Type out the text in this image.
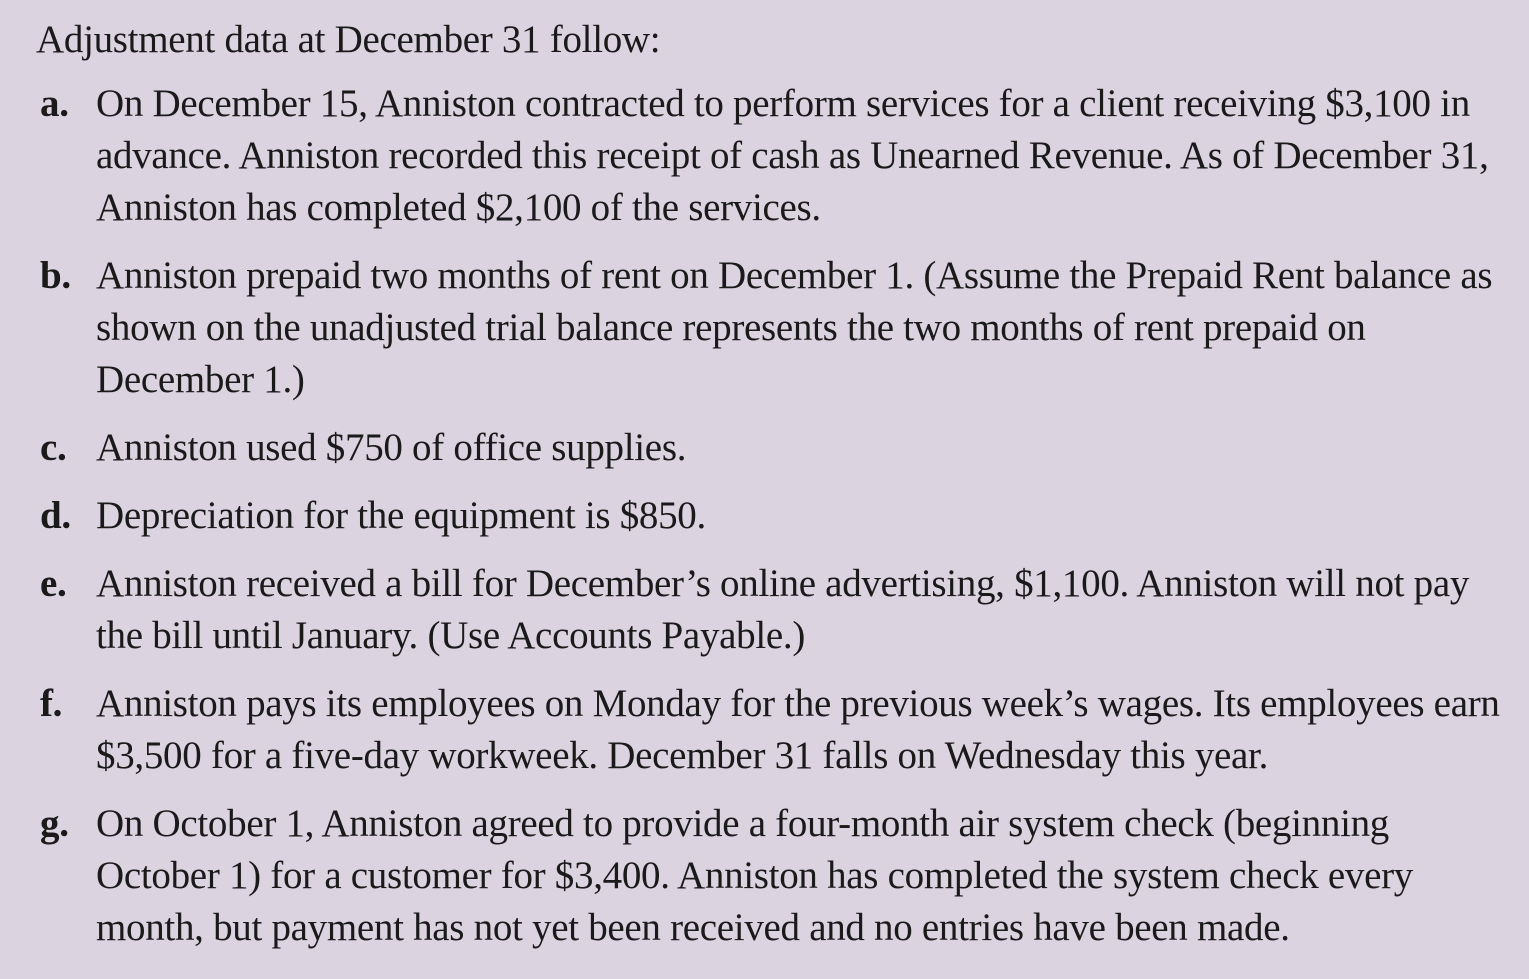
Adjustment data at December 31 follow:

a. On December 15, Anniston contracted to perform services for a client receiving $3,100 in advance. Anniston recorded this receipt of cash as Unearned Revenue. As of December 31, Anniston has completed $2,100 of the services.
b. Anniston prepaid two months of rent on December 1. (Assume the Prepaid Rent balance as shown on the unadjusted trial balance represents the two months of rent prepaid on December 1.)
c. Anniston used $750 of office supplies.
d. Depreciation for the equipment is $850.
e. Anniston received a bill for December’s online advertising, $1,100. Anniston will not pay the bill until January. (Use Accounts Payable.)
f. Anniston pays its employees on Monday for the previous week’s wages. Its employees earn $3,500 for a five-day workweek. December 31 falls on Wednesday this year.
g. On October 1, Anniston agreed to provide a four-month air system check (beginning October 1) for a customer for $3,400. Anniston has completed the system check every month, but payment has not yet been received and no entries have been made.
